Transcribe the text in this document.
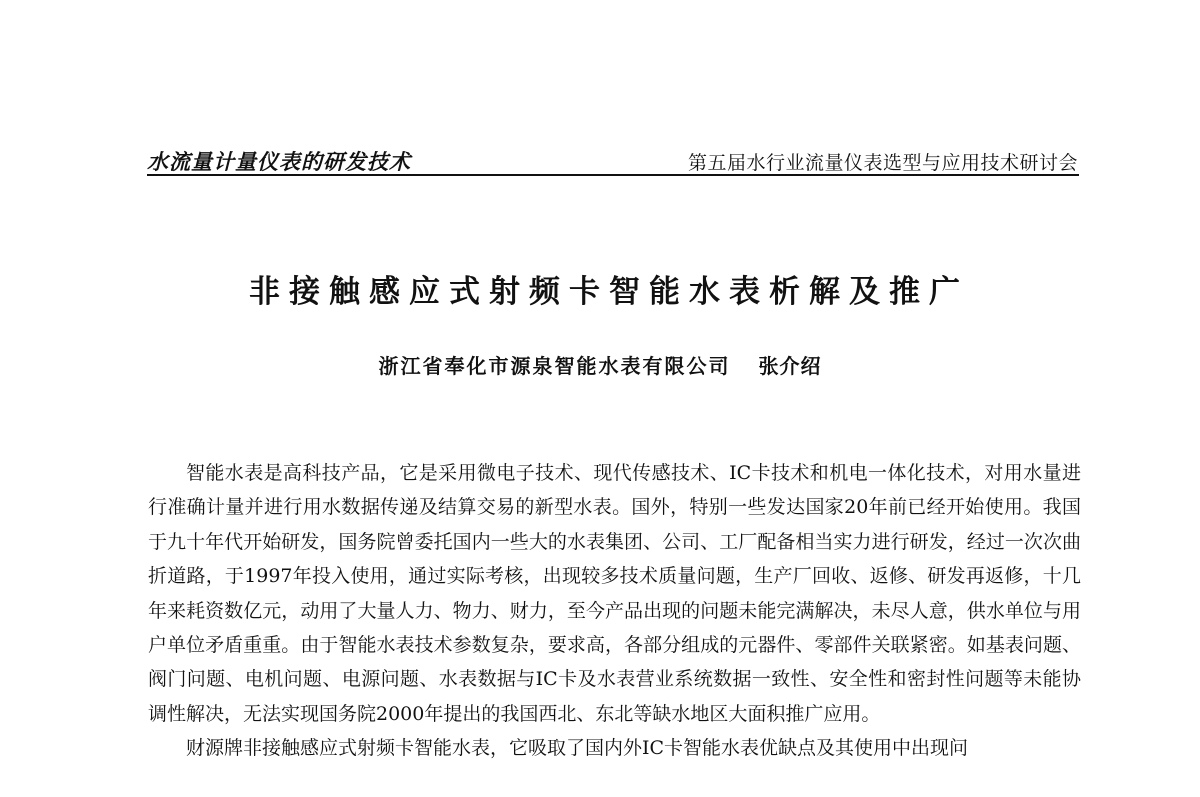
水流量计量仪表的研发技术	第五届水行业流量仪表选型与应用技术研讨会
非接触感应式射频卡智能水表析解及推广
浙江省奉化市源泉智能水表有限公司 张介绍

智能水表是高科技产品，它是采用微电子技术、现代传感技术、IC卡技术和机电一体化技术，对用水量进行准确计量并进行用水数据传递及结算交易的新型水表。国外，特别一些发达国家20年前已经开始使用。我国于九十年代开始研发，国务院曾委托国内一些大的水表集团、公司、工厂配备相当实力进行研发，经过一次次曲折道路，于1997年投入使用，通过实际考核，出现较多技术质量问题，生产厂回收、返修、研发再返修，十几年来耗资数亿元，动用了大量人力、物力、财力，至今产品出现的问题未能完满解决，未尽人意，供水单位与用户单位矛盾重重。由于智能水表技术参数复杂，要求高，各部分组成的元器件、零部件关联紧密。如基表问题、阀门问题、电机问题、电源问题、水表数据与IC卡及水表营业系统数据一致性、安全性和密封性问题等未能协调性解决，无法实现国务院2000年提出的我国西北、东北等缺水地区大面积推广应用。

财源牌非接触感应式射频卡智能水表，它吸取了国内外IC卡智能水表优缺点及其使用中出现问
